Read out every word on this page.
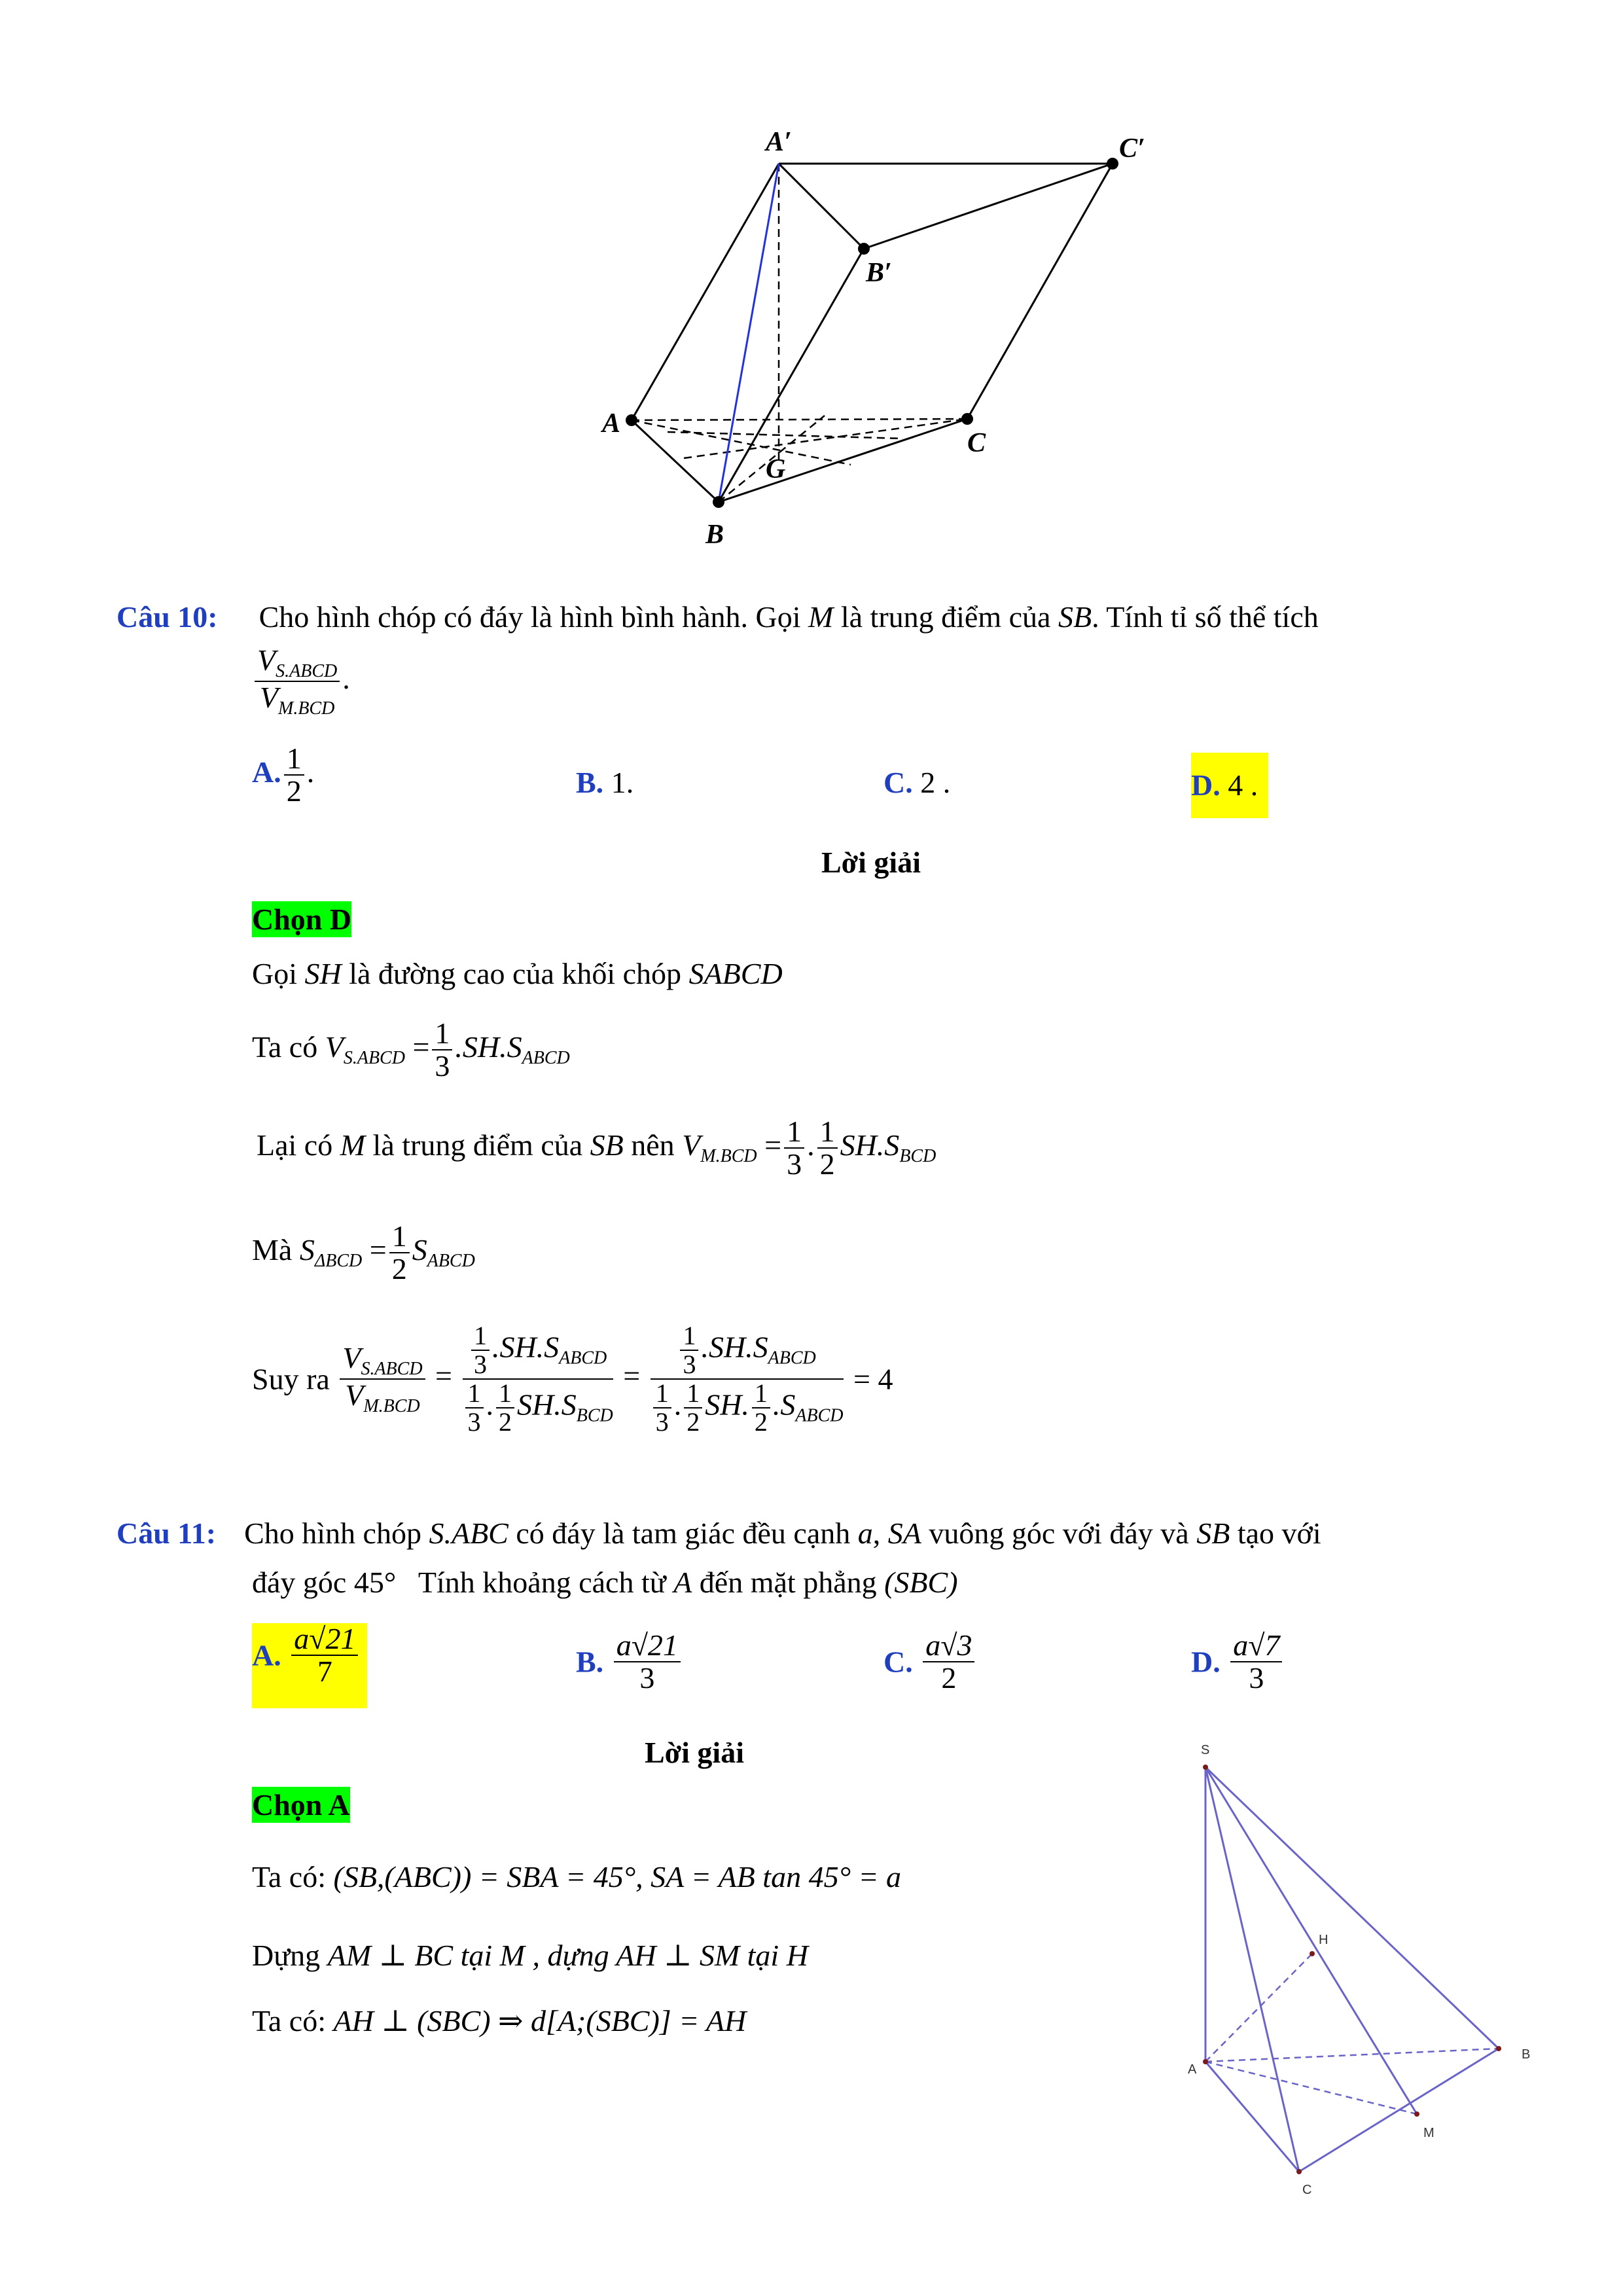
A′	C′
B′
A
C
G
B
Câu 10: Cho hình chóp có đáy là hình bình hành. Gọi M là trung điểm của SB. Tính tỉ số thể tích
$\frac{V_{S.ABCD}}{V_{M.BCD}}$ .
A. $\frac{1}{2}$ .	B. 1.	C. 2 .	D. 4 .
Lời giải
Chọn D
Gọi SH là đường cao của khối chóp SABCD
Ta có $V_{S.ABCD} = \frac{1}{3} .SH.S_{ABCD}$
Lại có M là trung điểm của SB nên $V_{M.BCD} = \frac{1}{3}$ . $\frac{1}{2} SH.S_{BCD}$
Mà $S_{\Delta BCD} = \frac{1}{2} S_{ABCD}$
Suy ra $\frac{V_{S.ABCD}}{V_{M.BCD}} = \frac{\frac{1}{3} .SH.S_{ABCD}}{\frac{1}{3} . \frac{1}{2} SH.S_{BCD}} = \frac{\frac{1}{3} .SH.S_{ABCD}}{\frac{1}{3} . \frac{1}{2} SH. \frac{1}{2} .S_{ABCD}} = 4$
Câu 11: Cho hình chóp S.ABC có đáy là tam giác đều cạnh a, SA vuông góc với đáy và SB tạo với
đáy góc 45° Tính khoảng cách từ A đến mặt phẳng (SBC)
A. $\frac{a√21}{7}$	B. $\frac{a√21}{3}$	C. $\frac{a√3}{2}$	D. $\frac{a√7}{3}$
Lời giải
Chọn A
Ta có: (SB,(ABC)) = SBA = 45°, SA = AB tan 45° = a
Dựng AM ⊥ BC tại M , dựng AH ⊥ SM tại H
Ta có: AH ⊥ (SBC) ⇒ d[A;(SBC)] = AH
S
H
A
B
M
C
